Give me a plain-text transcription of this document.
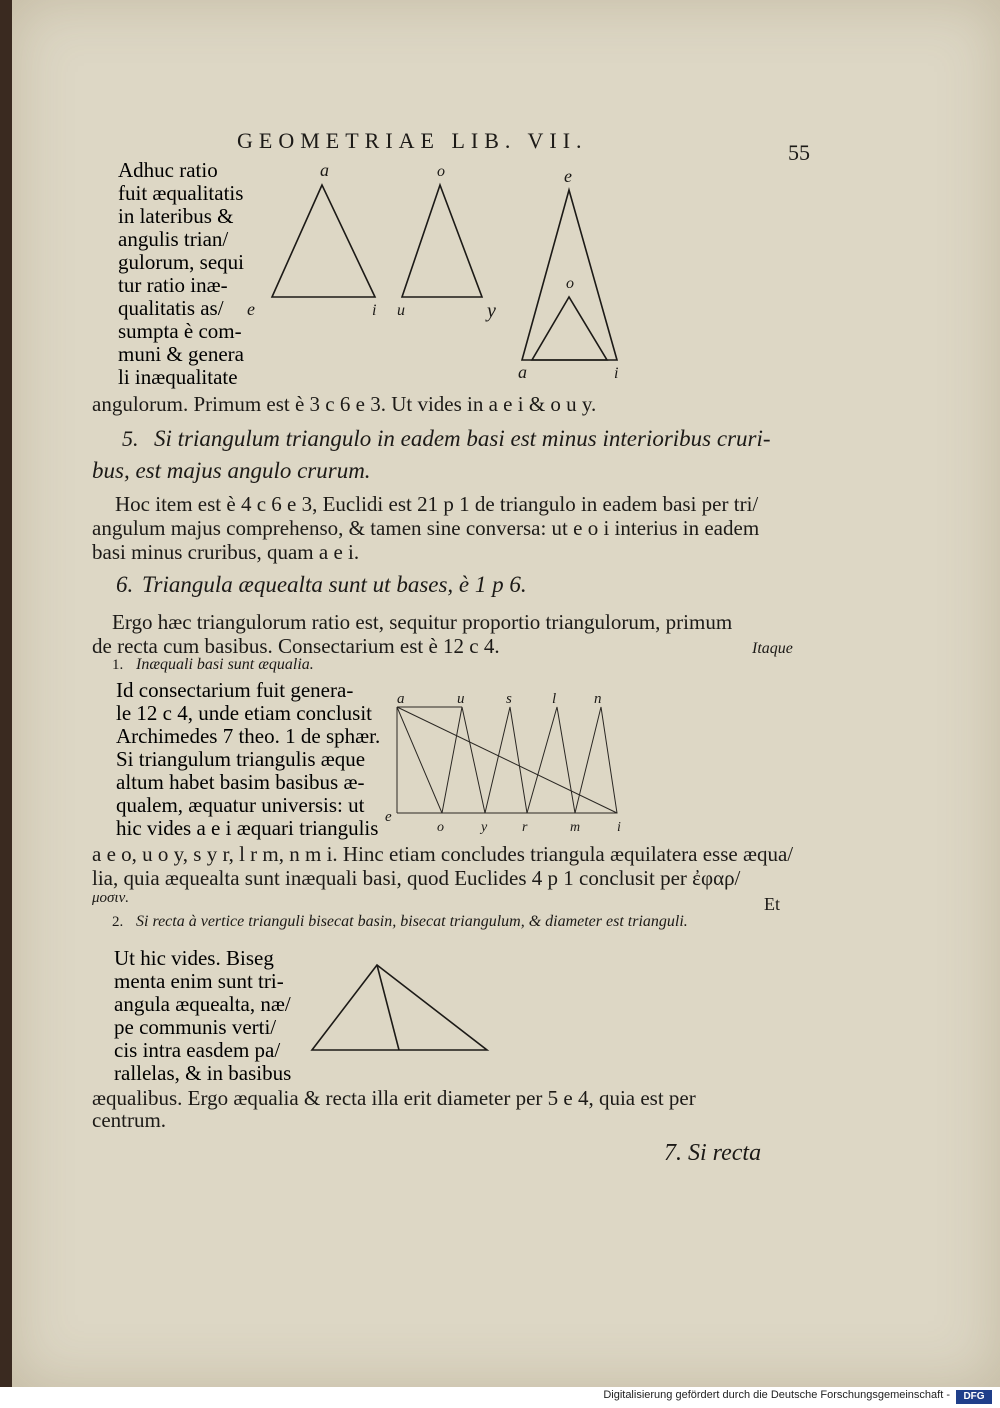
GEOMETRIAE LIB. VII.	55
Adhuc ratio
fuit æqualitatis
in lateribus &
angulis trian/
gulorum, sequi
tur ratio inæ-
qualitatis as/
sumpta è com-
muni & genera
li inæqualitate
angulorum. Primum est è 3 c 6 e 3. Ut vides in a e i & o u y.
a
e	i
o
u	y
e
o
a	i
5. Si triangulum triangulo in eadem basi est minus interioribus cruri-
bus, est majus angulo crurum.
Hoc item est è 4 c 6 e 3, Euclidi est 21 p 1 de triangulo in eadem basi per tri/
angulum majus comprehenso, & tamen sine conversa: ut e o i interius in eadem
basi minus cruribus, quam a e i.
6. Triangula æquealta sunt ut bases, è 1 p 6.
Ergo hæc triangulorum ratio est, sequitur proportio triangulorum, primum
de recta cum basibus. Consectarium est è 12 c 4.	Itaque
1. Inæquali basi sunt æqualia.
Id consectarium fuit genera-
le 12 c 4, unde etiam conclusit
Archimedes 7 theo. 1 de sphær.
Si triangulum triangulis æque
altum habet basim basibus æ-
qualem, æquatur universis: ut
hic vides a e i æquari triangulis
a	u	s	l	n
e
o	y r	m	i
a e o, u o y, s y r, l r m, n m i. Hinc etiam concludes triangula æquilatera esse æqua/
lia, quia æquealta sunt inæquali basi, quod Euclides 4 p 1 conclusit per ἐφαρ/
μοσιν.	Et
2. Si recta à vertice trianguli bisecat basin, bisecat triangulum, & diameter est trianguli.
Ut hic vides. Biseg
menta enim sunt tri-
angula æquealta, næ/
pe communis verti/
cis intra easdem pa/
rallelas, & in basibus
æqualibus. Ergo æqualia & recta illa erit diameter per 5 e 4, quia est per
centrum.
7. Si recta
Digitalisierung gefördert durch die Deutsche Forschungsgemeinschaft -	DFG
